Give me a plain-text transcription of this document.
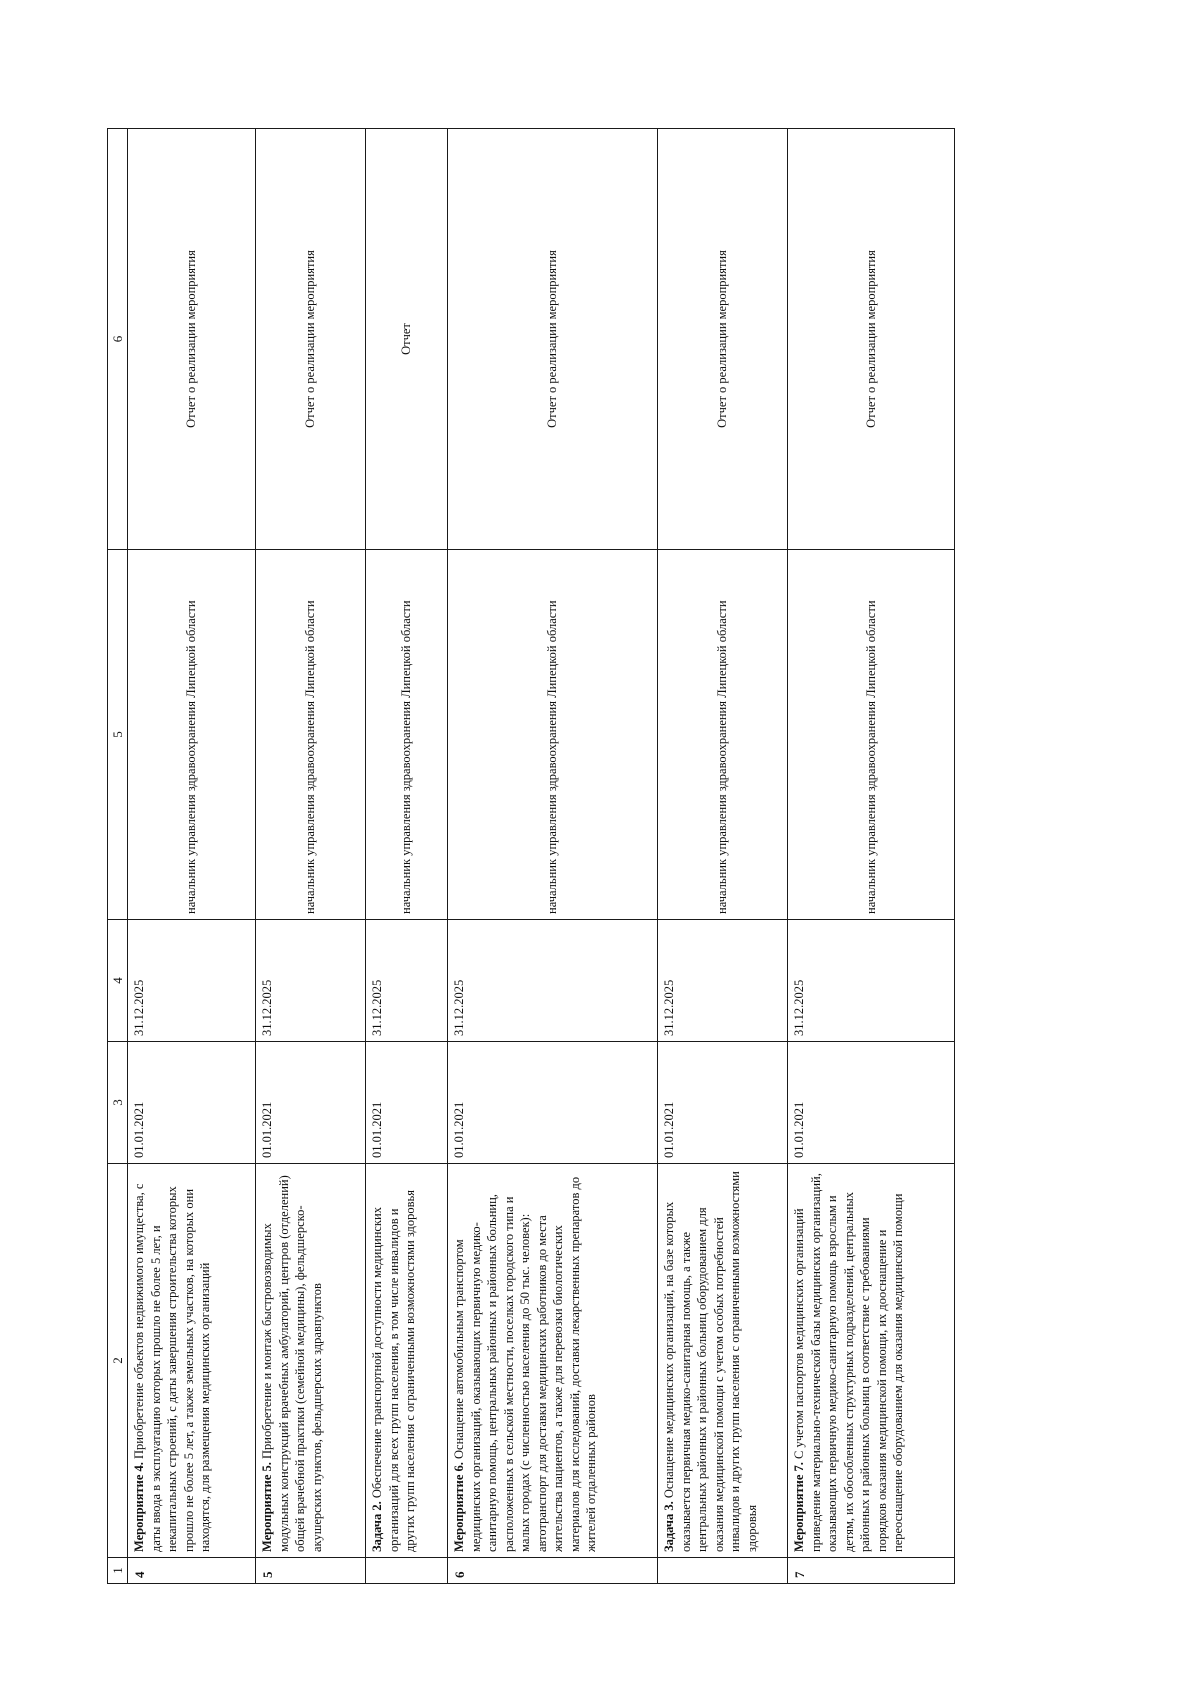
1	2	3	4	5	6
4	Мероприятие 4. Приобретение объектов недвижимого имущества, с даты ввода в эксплуатацию которых прошло не более 5 лет, и некапитальных строений, с даты завершения строительства которых прошло не более 5 лет, а также земельных участков, на которых они находятся, для размещения медицинских организаций	01.01.2021	31.12.2025	начальник управления здравоохранения Липецкой области	Отчет о реализации мероприятия
5	Мероприятие 5. Приобретение и монтаж быстровозводимых модульных конструкций врачебных амбулаторий, центров (отделений) общей врачебной практики (семейной медицины), фельдшерско-акушерских пунктов, фельдшерских здравпунктов	01.01.2021	31.12.2025	начальник управления здравоохранения Липецкой области	Отчет о реализации мероприятия
	Задача 2. Обеспечение транспортной доступности медицинских организаций для всех групп населения, в том числе инвалидов и других групп населения с ограниченными возможностями здоровья	01.01.2021	31.12.2025	начальник управления здравоохранения Липецкой области	Отчет
6	Мероприятие 6. Оснащение автомобильным транспортом медицинских организаций, оказывающих первичную медико-санитарную помощь, центральных районных и районных больниц, расположенных в сельской местности, поселках городского типа и малых городах (с численностью населения до 50 тыс. человек): автотранспорт для доставки медицинских работников до места жительства пациентов, а также для перевозки биологических материалов для исследований, доставки лекарственных препаратов до жителей отдаленных районов	01.01.2021	31.12.2025	начальник управления здравоохранения Липецкой области	Отчет о реализации мероприятия
	Задача 3. Оснащение медицинских организаций, на базе которых оказывается первичная медико-санитарная помощь, а также центральных районных и районных больниц оборудованием для оказания медицинской помощи с учетом особых потребностей инвалидов и других групп населения с ограниченными возможностями здоровья	01.01.2021	31.12.2025	начальник управления здравоохранения Липецкой области	Отчет о реализации мероприятия
7	Мероприятие 7. С учетом паспортов медицинских организаций приведение материально-технической базы медицинских организаций, оказывающих первичную медико-санитарную помощь взрослым и детям, их обособленных структурных подразделений, центральных районных и районных больниц в соответствие с требованиями порядков оказания медицинской помощи, их дооснащение и переоснащение оборудованием для оказания медицинской помощи	01.01.2021	31.12.2025	начальник управления здравоохранения Липецкой области	Отчет о реализации мероприятия
